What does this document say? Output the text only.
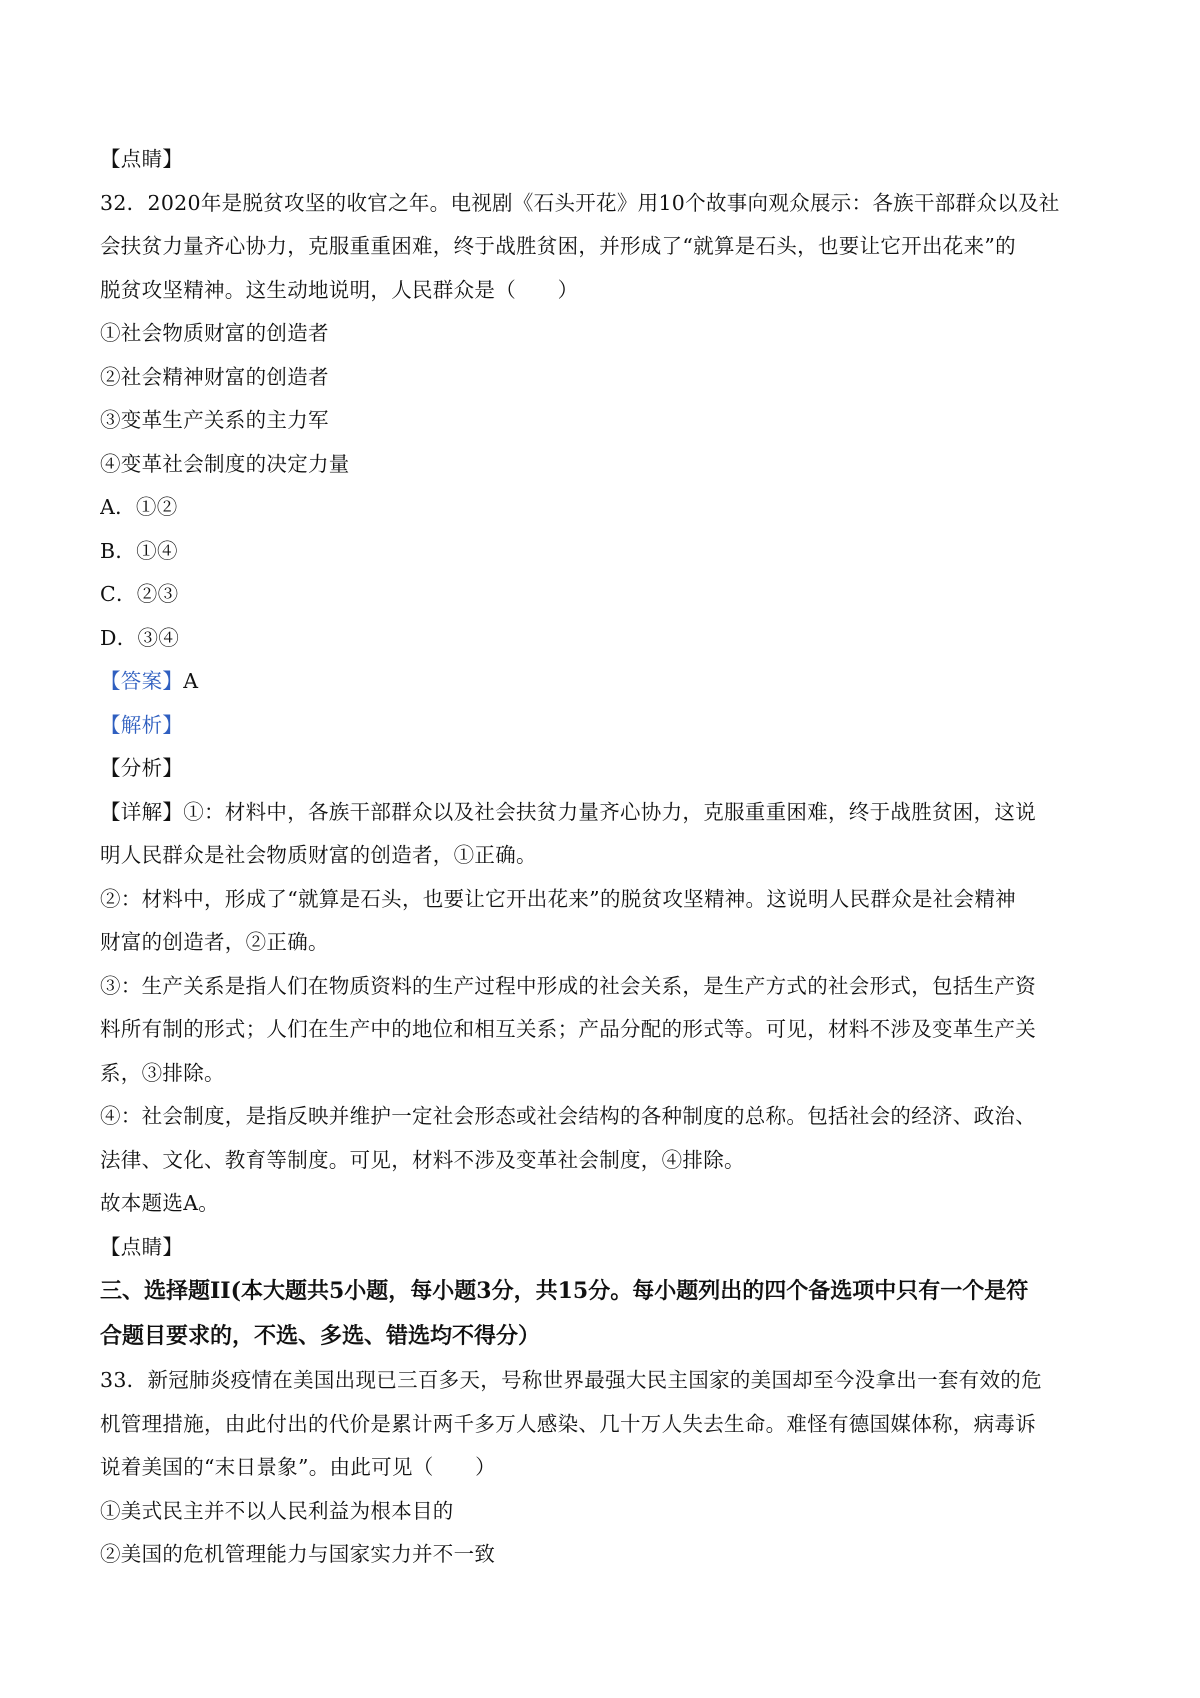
【点睛】
32．2020年是脱贫攻坚的收官之年。电视剧《石头开花》用10个故事向观众展示：各族干部群众以及社
会扶贫力量齐心协力，克服重重困难，终于战胜贫困，并形成了“就算是石头，也要让它开出花来”的
脱贫攻坚精神。这生动地说明，人民群众是（　　）
①社会物质财富的创造者
②社会精神财富的创造者
③变革生产关系的主力军
④变革社会制度的决定力量
A．①②
B．①④
C．②③
D．③④
【答案】A
【解析】
【分析】
【详解】①：材料中，各族干部群众以及社会扶贫力量齐心协力，克服重重困难，终于战胜贫困，这说
明人民群众是社会物质财富的创造者，①正确。
②：材料中，形成了“就算是石头，也要让它开出花来”的脱贫攻坚精神。这说明人民群众是社会精神
财富的创造者，②正确。
③：生产关系是指人们在物质资料的生产过程中形成的社会关系，是生产方式的社会形式，包括生产资
料所有制的形式；人们在生产中的地位和相互关系；产品分配的形式等。可见，材料不涉及变革生产关
系，③排除。
④：社会制度，是指反映并维护一定社会形态或社会结构的各种制度的总称。包括社会的经济、政治、
法律、文化、教育等制度。可见，材料不涉及变革社会制度，④排除。
故本题选A。
【点睛】
三、选择题II(本大题共5小题，每小题3分，共15分。每小题列出的四个备选项中只有一个是符
合题目要求的，不选、多选、错选均不得分）
33．新冠肺炎疫情在美国出现已三百多天，号称世界最强大民主国家的美国却至今没拿出一套有效的危
机管理措施，由此付出的代价是累计两千多万人感染、几十万人失去生命。难怪有德国媒体称，病毒诉
说着美国的“末日景象”。由此可见（　　）
①美式民主并不以人民利益为根本目的
②美国的危机管理能力与国家实力并不一致
